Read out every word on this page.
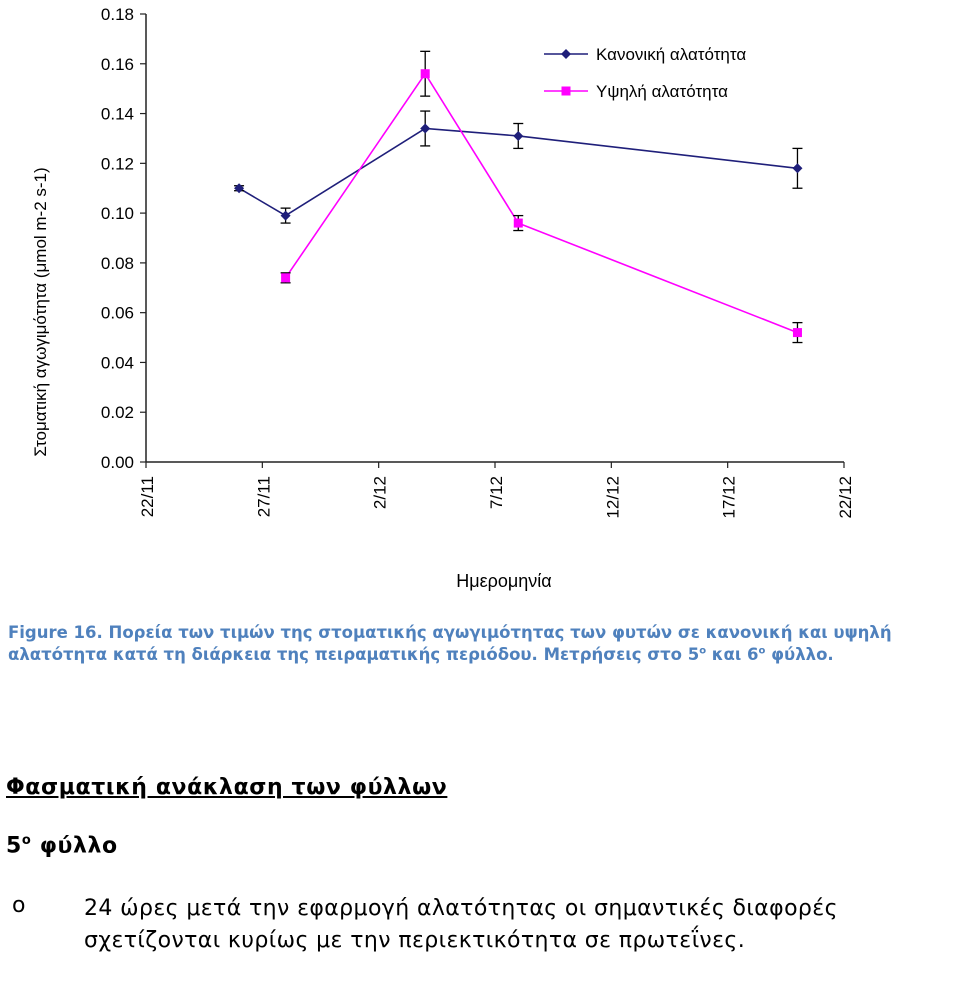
0.00
0.02
0.04
0.06
0.08
0.10
0.12
0.14
0.16
0.18
22/11	27/11	2/12	7/12	12/12	17/12	22/12
Κανονική αλατότητα
Υψηλή αλατότητα
Στοματική αγωγιμότητα (μmol m-2 s-1)
Ημερομηνία
Figure 16. Πορεία των τιμών της στοματικής αγωγιμότητας των φυτών σε κανονική και υψηλή αλατότητα κατά τη διάρκεια της πειραματικής περιόδου. Μετρήσεις στο $5^o$ και $6^o$ φύλλο.
Φασματική ανάκλαση των φύλλων
$5^o$ φύλλο
o	24 ώρες μετά την εφαρμογή αλατότητας οι σημαντικές διαφορές σχετίζονται κυρίως με την περιεκτικότητα σε πρωτεΐνες.
